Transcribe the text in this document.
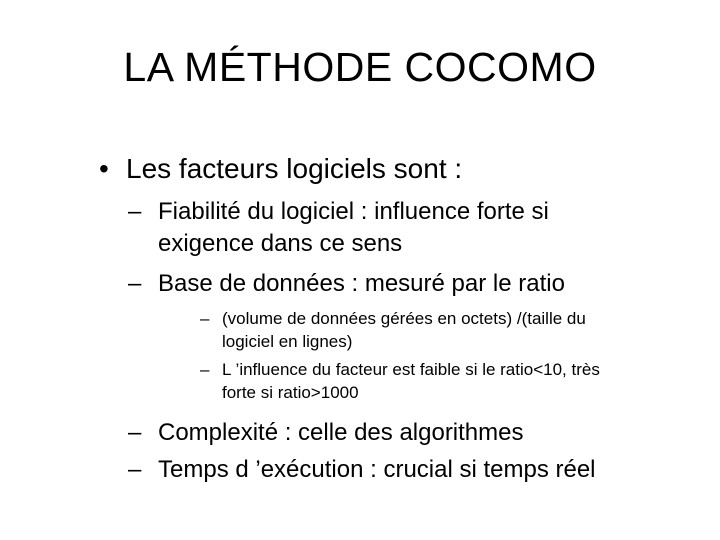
LA MÉTHODE COCOMO
• Les facteurs logiciels sont :
– Fiabilité du logiciel : influence forte si
exigence dans ce sens
– Base de données : mesuré par le ratio
– (volume de données gérées en octets) /(taille du
logiciel en lignes)
– L ’influence du facteur est faible si le ratio<10, très
forte si ratio>1000
– Complexité : celle des algorithmes
– Temps d ’exécution : crucial si temps réel
